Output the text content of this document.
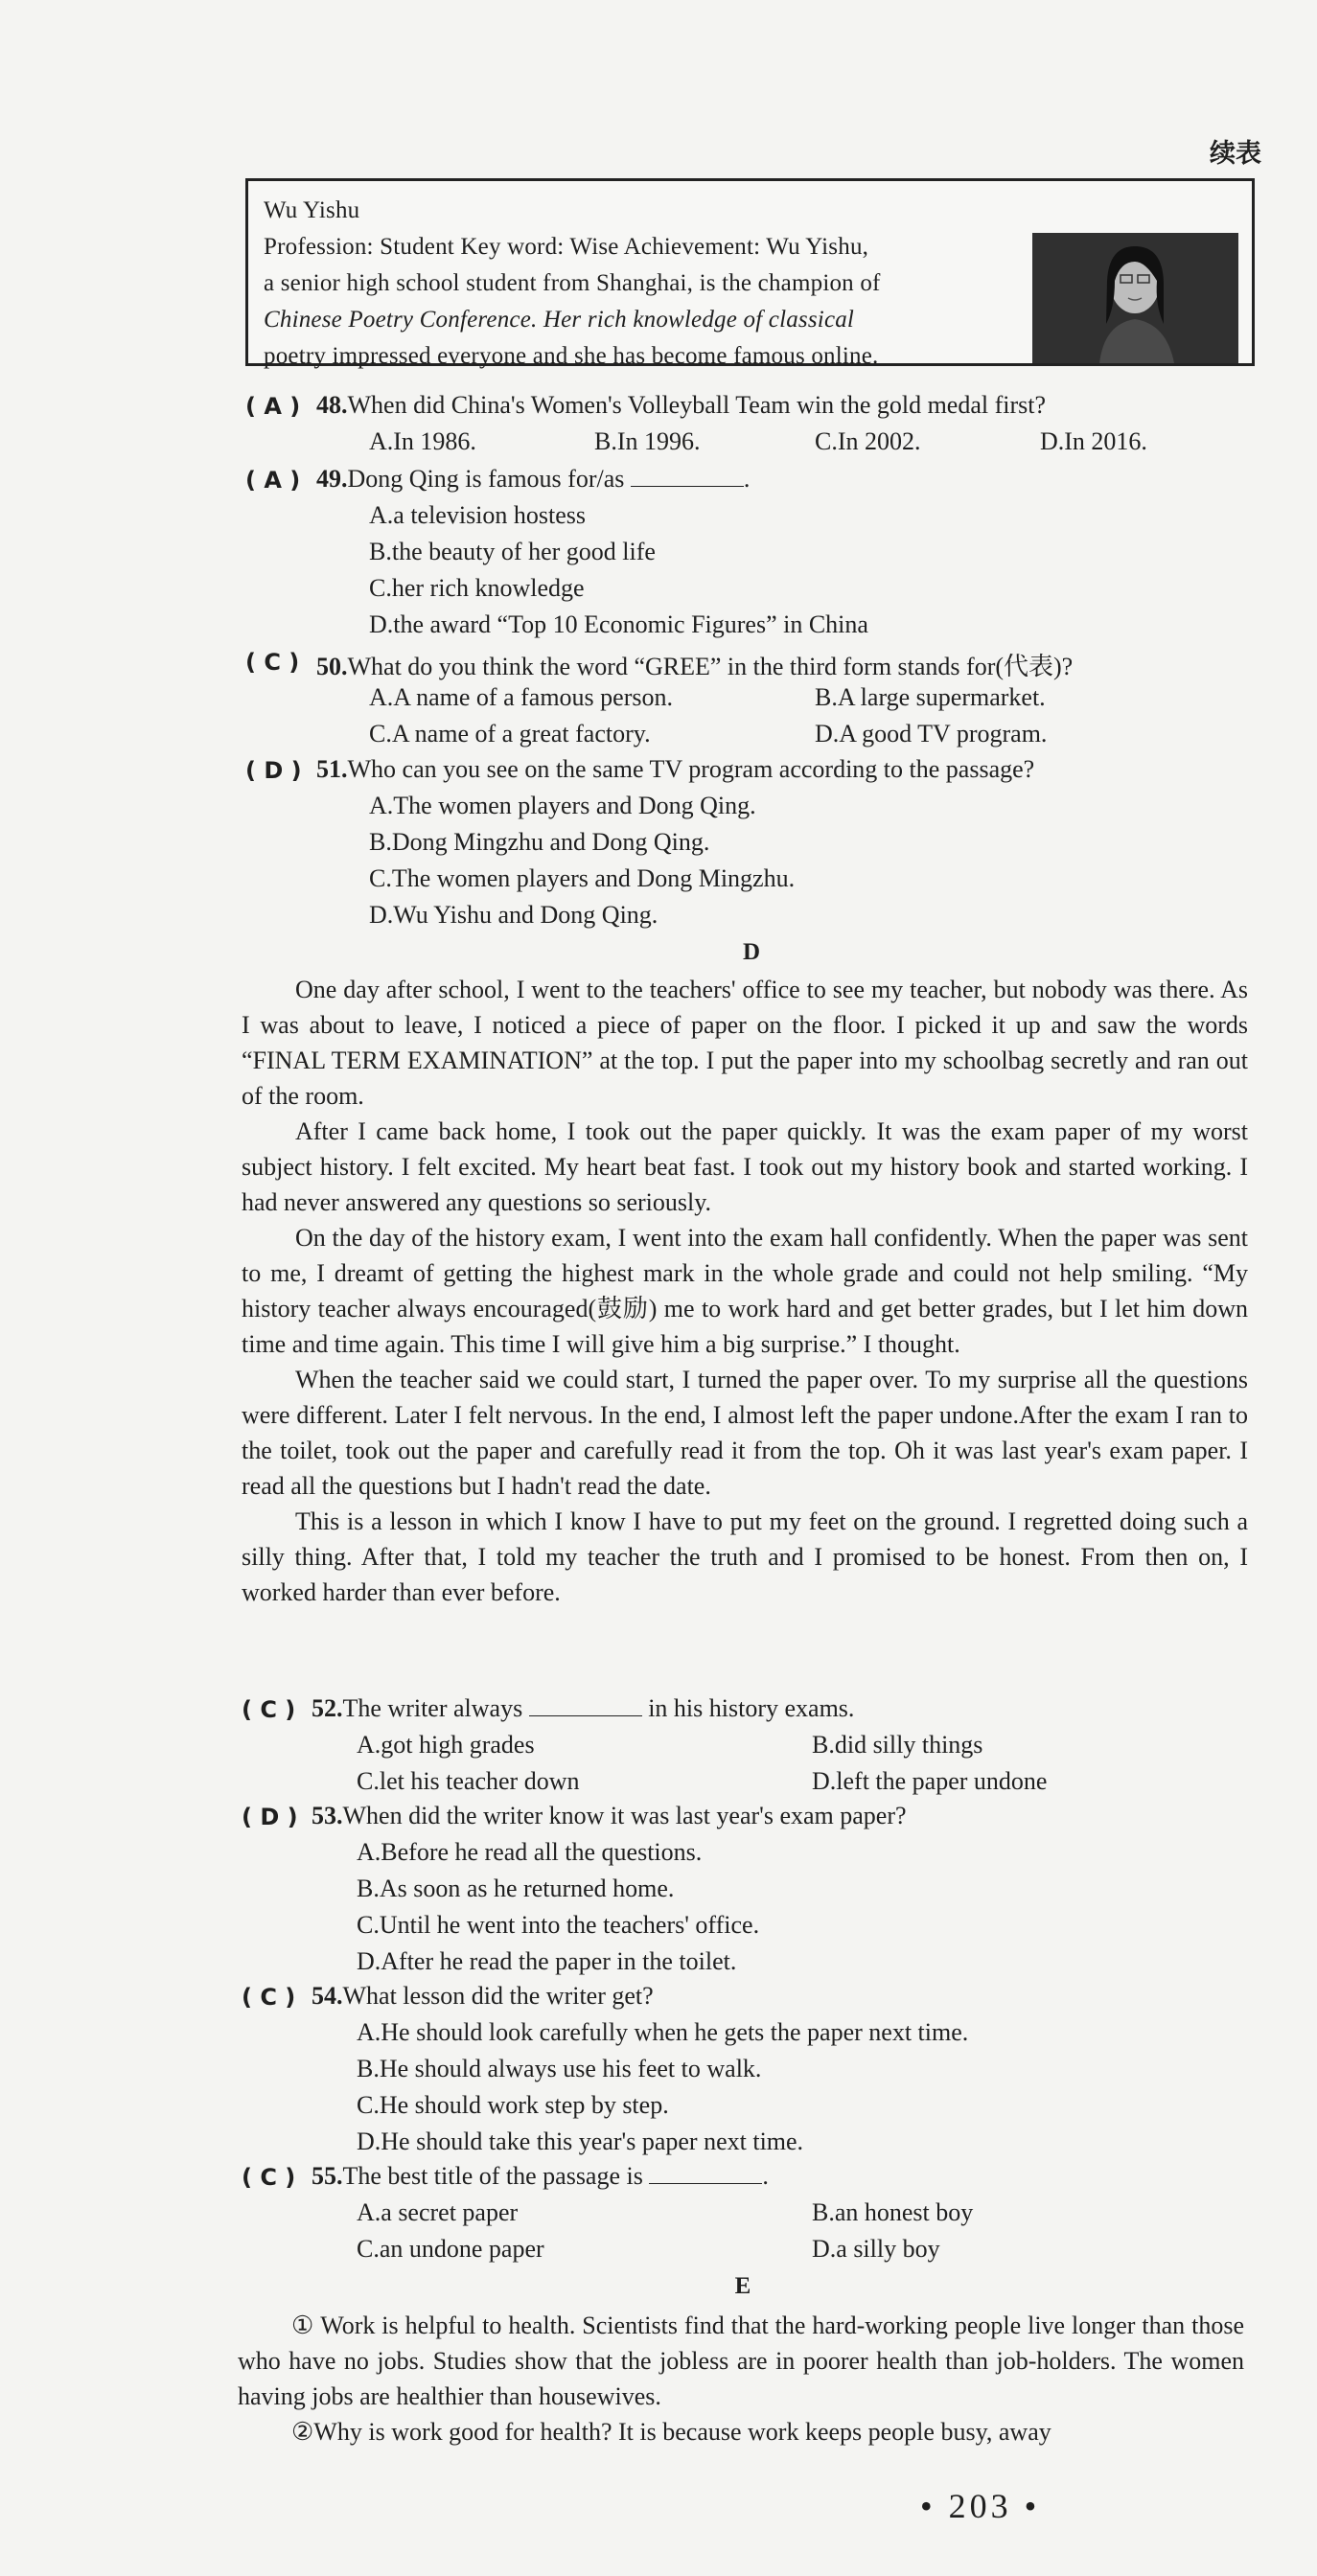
续表
Wu Yishu
Profession: Student Key word: Wise Achievement: Wu Yishu,
a senior high school student from Shanghai, is the champion of
Chinese Poetry Conference. Her rich knowledge of classical
poetry impressed everyone and she has become famous online.
( A ) 48.When did China's Women's Volleyball Team win the gold medal first?
A.In 1986.	B.In 1996.	C.In 2002.	D.In 2016.
( A ) 49.Dong Qing is famous for/as	.
A.a television hostess
B.the beauty of her good life
C.her rich knowledge
D.the award “Top 10 Economic Figures” in China
( C ) 50.What do you think the word “GREE” in the third form stands for(代表)?
A.A name of a famous person.	B.A large supermarket.
C.A name of a great factory.	D.A good TV program.
( D ) 51.Who can you see on the same TV program according to the passage?
A.The women players and Dong Qing.
B.Dong Mingzhu and Dong Qing.
C.The women players and Dong Mingzhu.
D.Wu Yishu and Dong Qing.
D

One day after school, I went to the teachers' office to see my teacher, but nobody was there. As I was about to leave, I noticed a piece of paper on the floor. I picked it up and saw the words “FINAL TERM EXAMINATION” at the top. I put the paper into my schoolbag secretly and ran out of the room.

After I came back home, I took out the paper quickly. It was the exam paper of my worst subject history. I felt excited. My heart beat fast. I took out my history book and started working. I had never answered any questions so seriously.

On the day of the history exam, I went into the exam hall confidently. When the paper was sent to me, I dreamt of getting the highest mark in the whole grade and could not help smiling. “My history teacher always encouraged(鼓励) me to work hard and get better grades, but I let him down time and time again. This time I will give him a big surprise.” I thought.

When the teacher said we could start, I turned the paper over. To my surprise all the questions were different. Later I felt nervous. In the end, I almost left the paper undone.After the exam I ran to the toilet, took out the paper and carefully read it from the top. Oh it was last year's exam paper. I read all the questions but I hadn't read the date.

This is a lesson in which I know I have to put my feet on the ground. I regretted doing such a silly thing. After that, I told my teacher the truth and I promised to be honest. From then on, I worked harder than ever before.

( C ) 52.The writer always	in his history exams.
A.got high grades	B.did silly things
C.let his teacher down	D.left the paper undone
( D ) 53.When did the writer know it was last year's exam paper?
A.Before he read all the questions.
B.As soon as he returned home.
C.Until he went into the teachers' office.
D.After he read the paper in the toilet.
( C ) 54.What lesson did the writer get?
A.He should look carefully when he gets the paper next time.
B.He should always use his feet to walk.
C.He should work step by step.
D.He should take this year's paper next time.
( C ) 55.The best title of the passage is	.
A.a secret paper	B.an honest boy
C.an undone paper	D.a silly boy
E

① Work is helpful to health. Scientists find that the hard-working people live longer than those who have no jobs. Studies show that the jobless are in poorer health than job-holders. The women having jobs are healthier than housewives.

②Why is work good for health? It is because work keeps people busy, away

• 203 •
